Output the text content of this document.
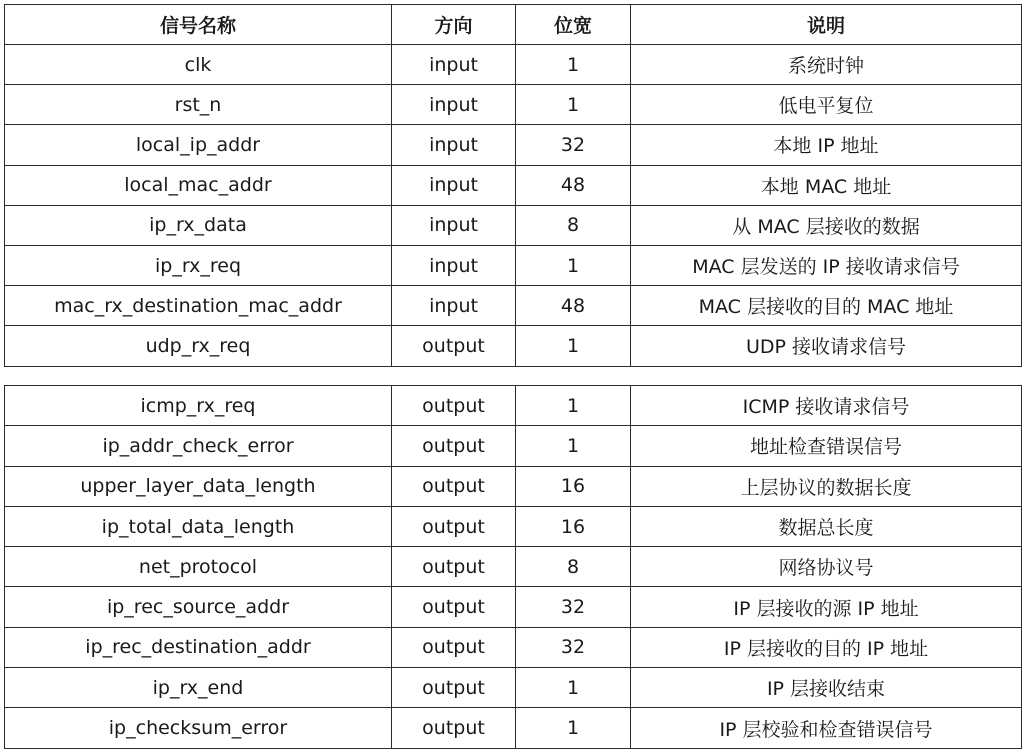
信号名称	方向	位宽	说明
clk	input	1	系统时钟
rst_n	input	1	低电平复位
local_ip_addr	input	32	本地 IP 地址
local_mac_addr	input	48	本地 MAC 地址
ip_rx_data	input	8	从 MAC 层接收的数据
ip_rx_req	input	1	MAC 层发送的 IP 接收请求信号
mac_rx_destination_mac_addr	input	48	MAC 层接收的目的 MAC 地址
udp_rx_req	output	1	UDP 接收请求信号
icmp_rx_req	output	1	ICMP 接收请求信号
ip_addr_check_error	output	1	地址检查错误信号
upper_layer_data_length	output	16	上层协议的数据长度
ip_total_data_length	output	16	数据总长度
net_protocol	output	8	网络协议号
ip_rec_source_addr	output	32	IP 层接收的源 IP 地址
ip_rec_destination_addr	output	32	IP 层接收的目的 IP 地址
ip_rx_end	output	1	IP 层接收结束
ip_checksum_error	output	1	IP 层校验和检查错误信号
